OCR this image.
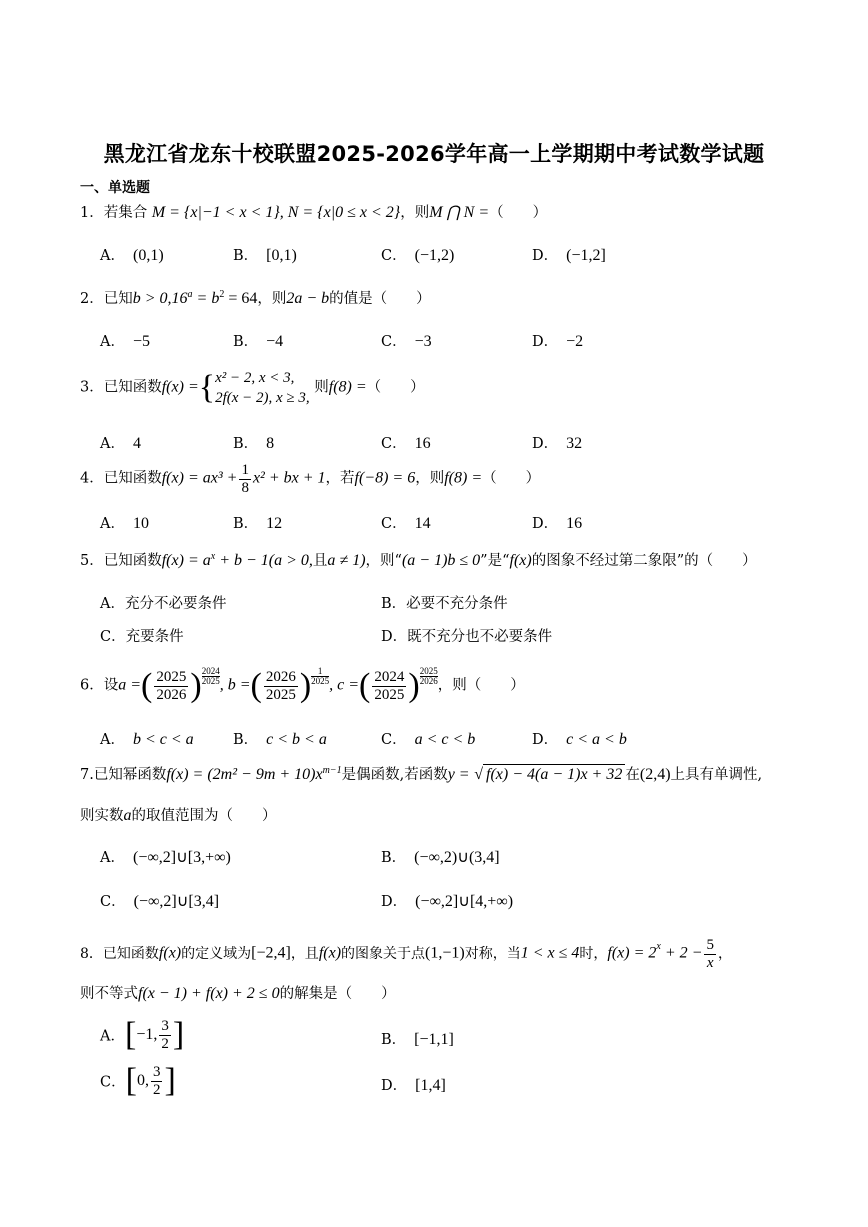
黑龙江省龙东十校联盟2025-2026学年高一上学期期中考试数学试题
一、单选题
1．若集合 M = {x|−1 < x < 1}, N = {x|0 ≤ x < 2}，则M ⋂ N =（　　）
A． (0,1)	B． [0,1)	C． (−1,2)	D． (−1,2]
2．已知$b > 0,16^a = b^2 = 64$，则2a − b的值是（　　）
A． −5	B． −4	C． −3	D． −2
3．已知函数f(x) ={ x² − 2, x < 3,
2f(x − 2), x ≥ 3,
则f(8) =（　　）
A． 4	B． 8	C． 16	D． 32
4．已知函数$f(x) = ax^3 + \frac{1}{8} x^2$ + bx + 1，若f(−8) = 6，则f(8) =（　　）
A． 10	B． 12	C． 14	D． 16
5．已知函数$f(x) = a^x + b - 1(a > 0$,且a ≠ 1)，则“(a − 1)b ≤ 0”是“f(x)的图象不经过第二象限”的（　　）
A．充分不必要条件	B．必要不充分条件
C．充要条件	D．既不充分也不必要条件
6．设a =( $\frac{2025}{2026}$ ) $\frac{2024}{2025}$ , b =( $\frac{2026}{2025}$ ) $\frac{1}{2025}$ , c =( $\frac{2024}{2025}$ ) $\frac{2025}{2026}$ ，则（　　）
A． b < c < a	B． c < b < a	C． a < c < b	D． c < a < b
7.已知幂函数$f(x) = (2m^2 - 9m + 10)x^{m-1}$是偶函数,若函数y = √ f(x) − 4(a − 1)x + 32 在(2,4)上具有单调性,
则实数a的取值范围为（　　）
A． (−∞,2]∪[3,+∞)	B． (−∞,2)∪(3,4]
C． (−∞,2]∪[3,4]	D． (−∞,2]∪[4,+∞)
8．已知函数f(x)的定义域为[−2,4]，且f(x)的图象关于点(1,−1)对称，当1 < x ≤ 4时，$f(x) = 2^x + 2 - \frac{5}{x}$ ，
则不等式f(x − 1) + f(x) + 2 ≤ 0的解集是（　　）
A．[−1, $\frac{3}{2}$ ]	B． [−1,1]
C．[0, $\frac{3}{2}$ ]	D． [1,4]
